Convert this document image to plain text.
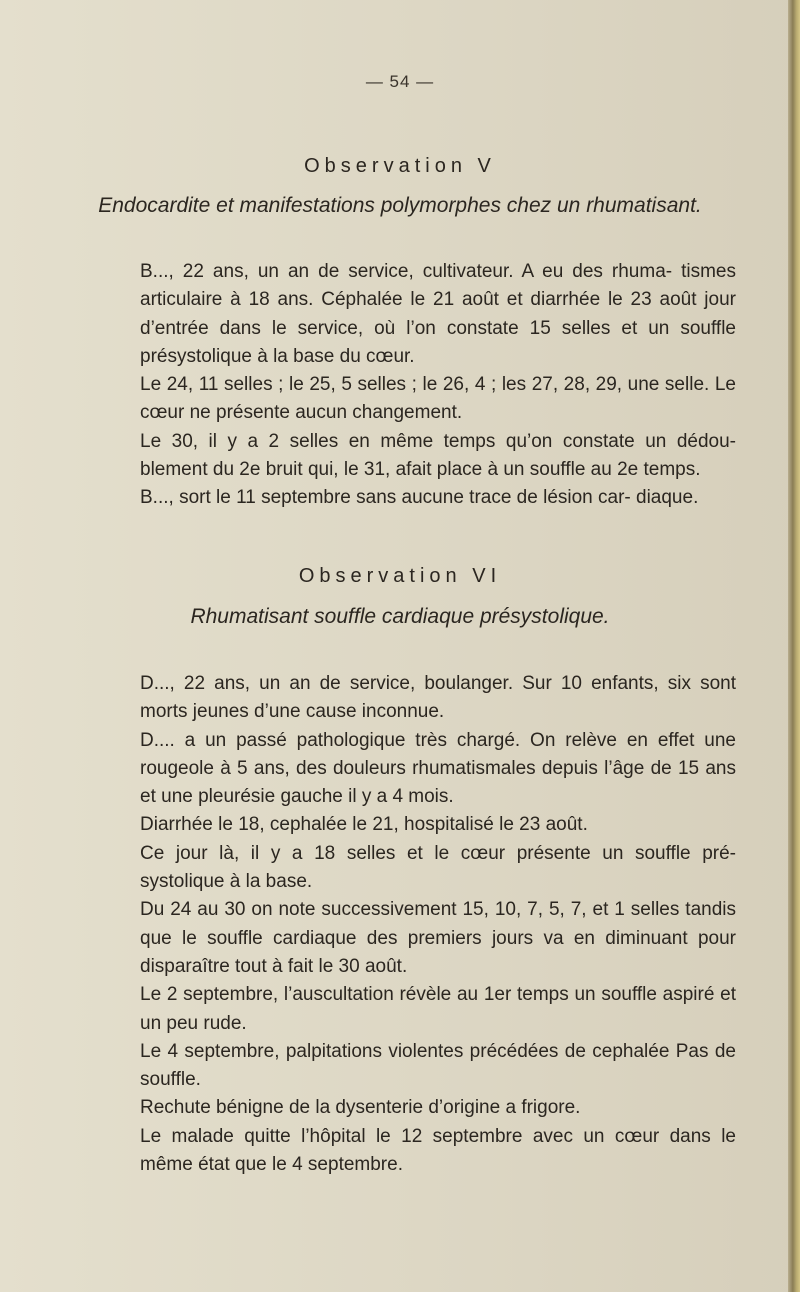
— 54 —
Observation V
Endocardite et manifestations polymorphes chez un rhumatisant.

B..., 22 ans, un an de service, cultivateur. A eu des rhuma- tismes articulaire à 18 ans. Céphalée le 21 août et diarrhée le 23 août jour d’entrée dans le service, où l’on constate 15 selles et un souffle présystolique à la base du cœur.

Le 24, 11 selles ; le 25, 5 selles ; le 26, 4 ; les 27, 28, 29, une selle. Le cœur ne présente aucun changement.

Le 30, il y a 2 selles en même temps qu’on constate un dédou- blement du 2e bruit qui, le 31, afait place à un souffle au 2e temps.

B..., sort le 11 septembre sans aucune trace de lésion car- diaque.

Observation VI
Rhumatisant souffle cardiaque présystolique.

D..., 22 ans, un an de service, boulanger. Sur 10 enfants, six sont morts jeunes d’une cause inconnue.

D.... a un passé pathologique très chargé. On relève en effet une rougeole à 5 ans, des douleurs rhumatismales depuis l’âge de 15 ans et une pleurésie gauche il y a 4 mois.

Diarrhée le 18, cephalée le 21, hospitalisé le 23 août.

Ce jour là, il y a 18 selles et le cœur présente un souffle pré- systolique à la base.

Du 24 au 30 on note successivement 15, 10, 7, 5, 7, et 1 selles tandis que le souffle cardiaque des premiers jours va en diminuant pour disparaître tout à fait le 30 août.

Le 2 septembre, l’auscultation révèle au 1er temps un souffle aspiré et un peu rude.

Le 4 septembre, palpitations violentes précédées de cephalée Pas de souffle.

Rechute bénigne de la dysenterie d’origine a frigore.

Le malade quitte l’hôpital le 12 septembre avec un cœur dans le même état que le 4 septembre.
